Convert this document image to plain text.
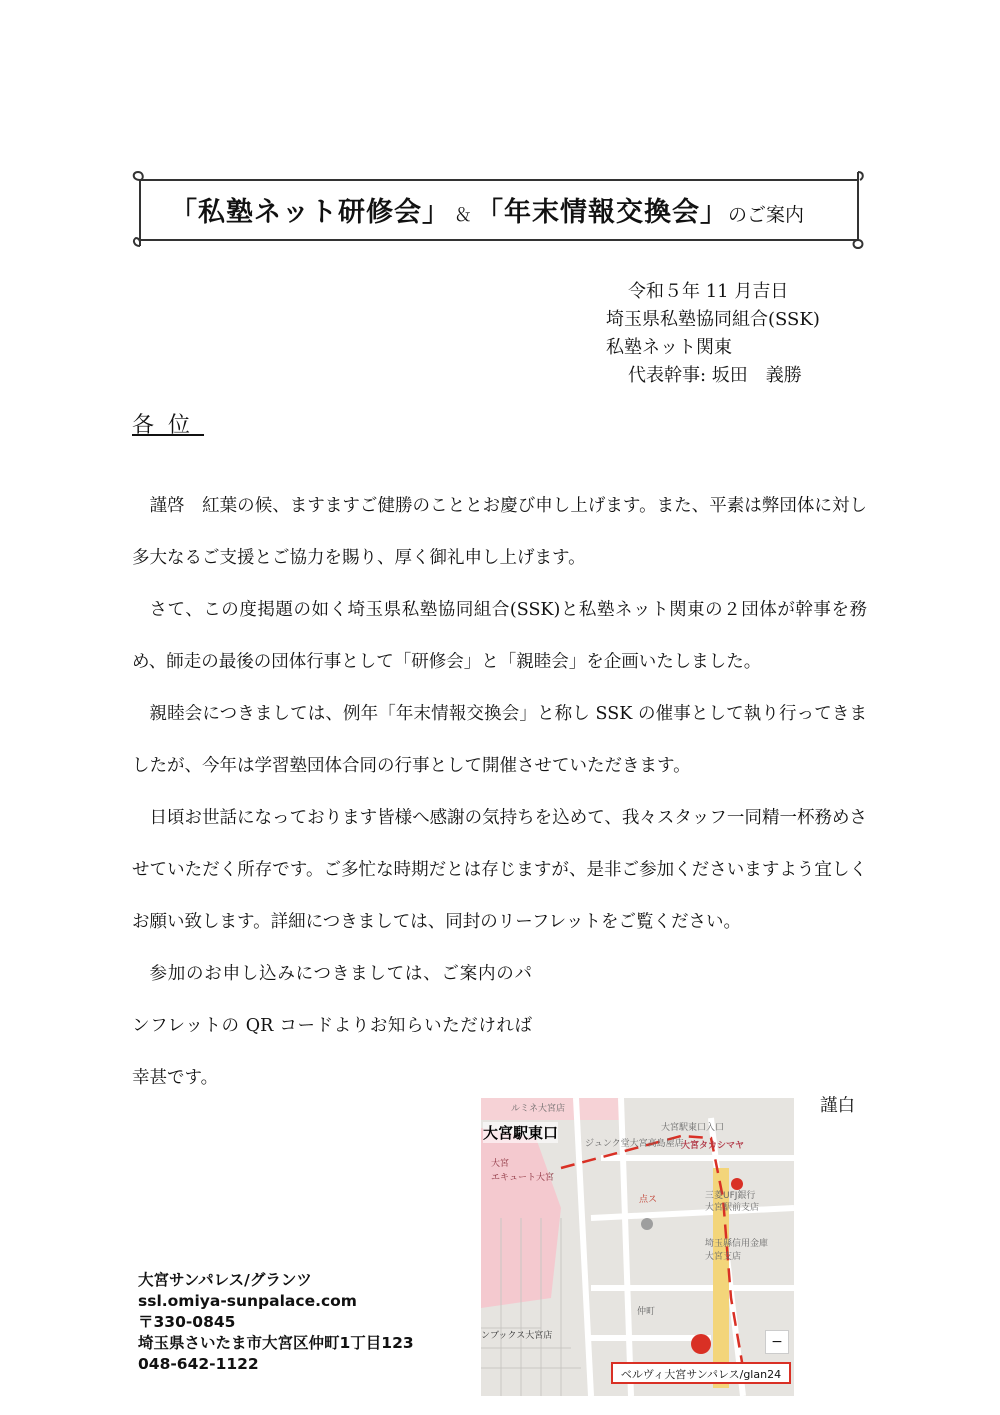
「私塾ネット研修会」 ＆ 「年末情報交換会」のご案内
令和５年 11 月吉日
埼玉県私塾協同組合(SSK)
私塾ネット関東
代表幹事: 坂田　義勝
各位

謹啓　紅葉の候、ますますご健勝のこととお慶び申し上げます。また、平素は弊団体に対し多大なるご支援とご協力を賜り、厚く御礼申し上げます。

さて、この度掲題の如く埼玉県私塾協同組合(SSK)と私塾ネット関東の２団体が幹事を務め、師走の最後の団体行事として「研修会」と「親睦会」を企画いたしました。

親睦会につきましては、例年「年末情報交換会」と称し SSK の催事として執り行ってきましたが、今年は学習塾団体合同の行事として開催させていただきます。

日頃お世話になっております皆様へ感謝の気持ちを込めて、我々スタッフ一同精一杯務めさせていただく所存です。ご多忙な時期だとは存じますが、是非ご参加くださいますよう宜しくお願い致します。詳細につきましては、同封のリーフレットをご覧ください。

参加のお申し込みにつきましては、ご案内のパンフレットの QR コードよりお知らいただければ幸甚です。

謹白
大宮サンパレス/グランツ
ssl.omiya-sunpalace.com
〒330-0845
埼玉県さいたま市大宮区仲町1丁目123
048-642-1122
ルミネ大宮店
大宮駅東口入口
ジュンク堂大宮高島屋店
大宮タカシマヤ
大宮駅東口
大宮
エキュート大宮
点ス	三菱UFJ銀行
大宮駅前支店
埼玉縣信用金庫大宮支店
仲町
ンブックス大宮店	−
ベルヴィ大宮サンパレス/glan24
